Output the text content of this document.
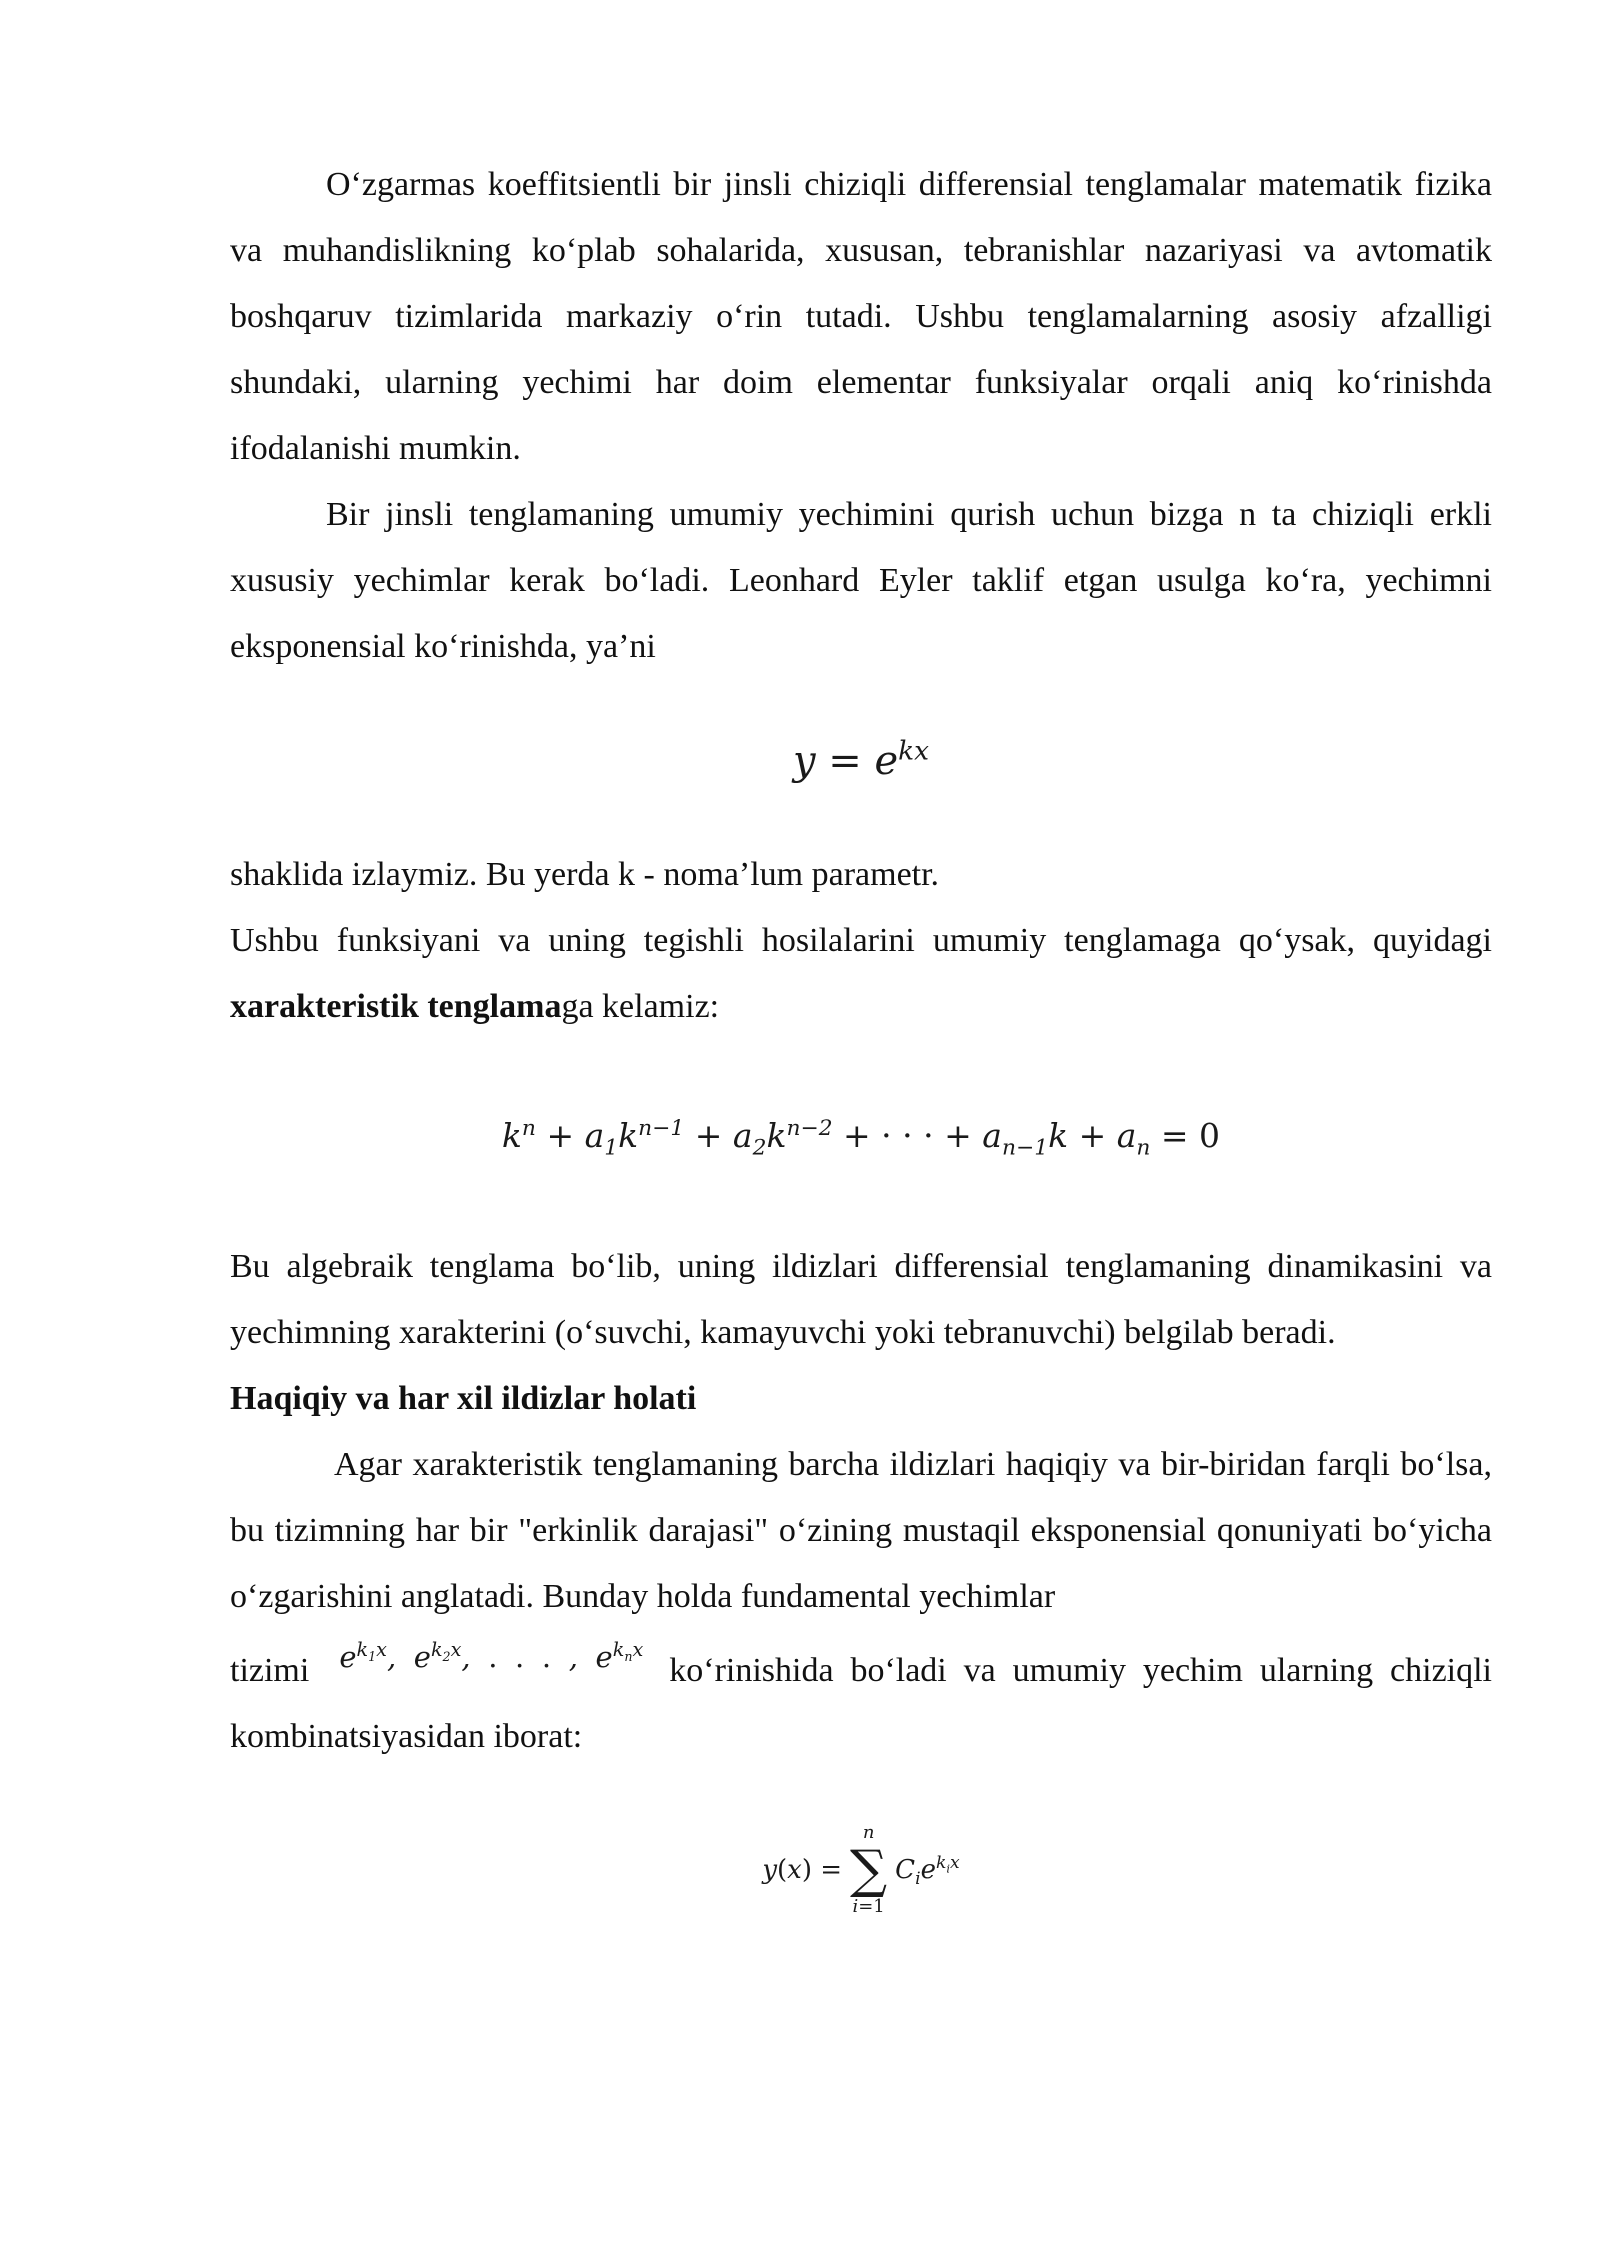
O‘zgarmas koeffitsientli bir jinsli chiziqli differensial tenglamalar matematik fizika va muhandislikning ko‘plab sohalarida, xususan, tebranishlar nazariyasi va avtomatik boshqaruv tizimlarida markaziy o‘rin tutadi. Ushbu tenglamalarning asosiy afzalligi shundaki, ularning yechimi har doim elementar funksiyalar orqali aniq ko‘rinishda ifodalanishi mumkin.

Bir jinsli tenglamaning umumiy yechimini qurish uchun bizga n ta chiziqli erkli xususiy yechimlar kerak bo‘ladi. Leonhard Eyler taklif etgan usulga ko‘ra, yechimni eksponensial ko‘rinishda, ya’ni

$y = e^{kx}$

shaklida izlaymiz. Bu yerda k - noma’lum parametr.

Ushbu funksiyani va uning tegishli hosilalarini umumiy tenglamaga qo‘ysak, quyidagi xarakteristik tenglamaga kelamiz:

$k^n + a_1k^{n-1} + a_2k^{n-2}$ + · · · + $a_{n-1}k + a_n = 0$

Bu algebraik tenglama bo‘lib, uning ildizlari differensial tenglamaning dinamikasini va yechimning xarakterini (o‘suvchi, kamayuvchi yoki tebranuvchi) belgilab beradi.

Haqiqiy va har xil ildizlar holati

Agar xarakteristik tenglamaning barcha ildizlari haqiqiy va bir-biridan farqli bo‘lsa, bu tizimning har bir "erkinlik darajasi" o‘zining mustaqil eksponensial qonuniyati bo‘yicha o‘zgarishini anglatadi. Bunday holda fundamental yechimlar

tizimi $e^{k_1x}$, $e^{k_2x}$, . . . , $e^{k_nx}ko‘rinishida$ bo‘ladi va umumiy yechim ularning chiziqli kombinatsiyasidan iborat:

y(x) =
n
∑
i=1
$C_ie^{k_ix}$
